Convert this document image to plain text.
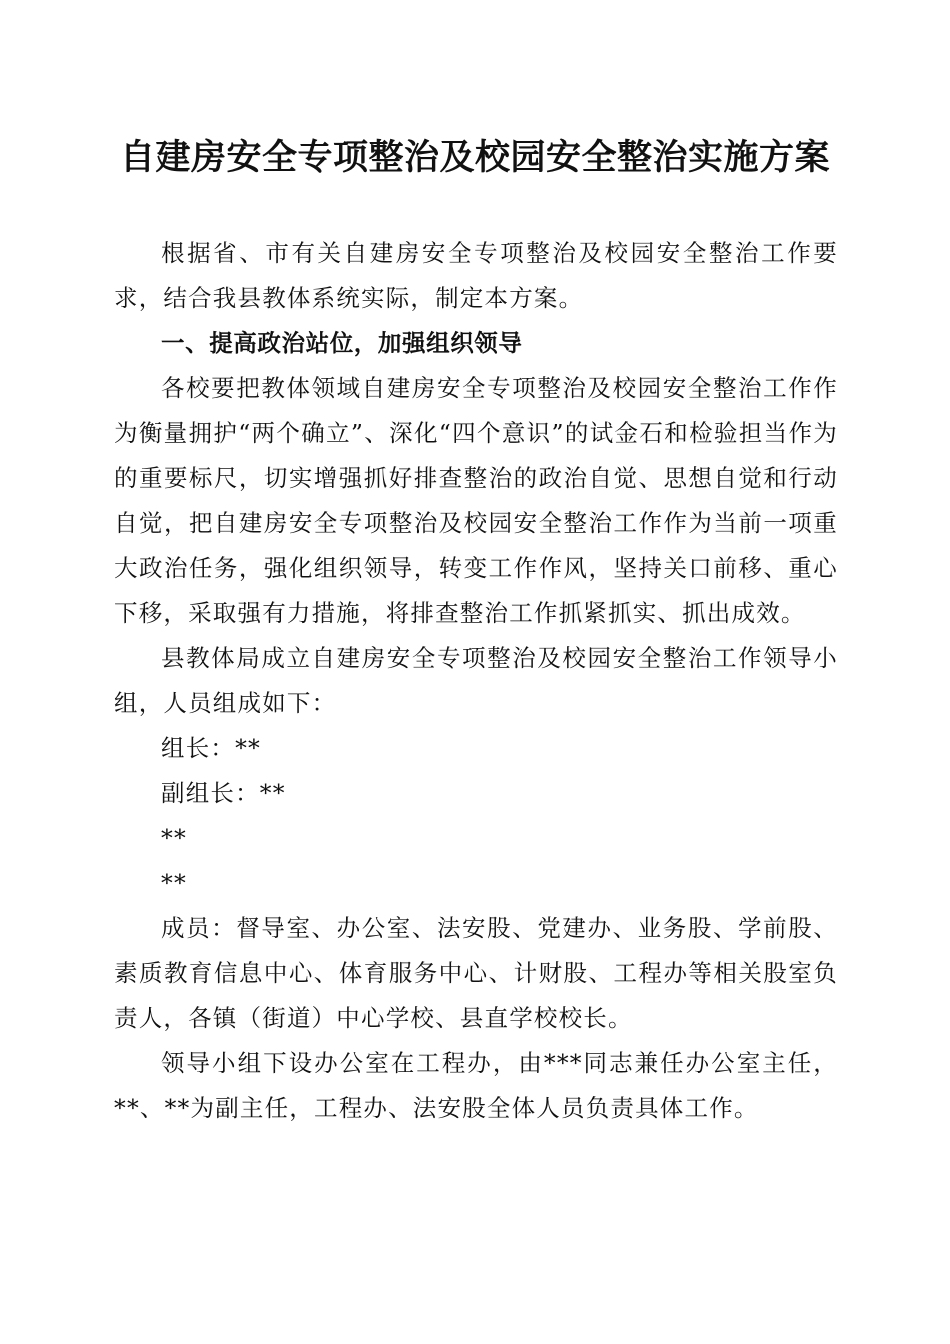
自建房安全专项整治及校园安全整治实施方案

根据省、市有关自建房安全专项整治及校园安全整治工作要求，结合我县教体系统实际，制定本方案。

一、提高政治站位，加强组织领导

各校要把教体领域自建房安全专项整治及校园安全整治工作作为衡量拥护“两个确立”、深化“四个意识”的试金石和检验担当作为的重要标尺，切实增强抓好排查整治的政治自觉、思想自觉和行动自觉，把自建房安全专项整治及校园安全整治工作作为当前一项重大政治任务，强化组织领导，转变工作作风，坚持关口前移、重心下移，采取强有力措施，将排查整治工作抓紧抓实、抓出成效。

县教体局成立自建房安全专项整治及校园安全整治工作领导小组，人员组成如下：

组长：**

副组长：**

**

**

成员：督导室、办公室、法安股、党建办、业务股、学前股、素质教育信息中心、体育服务中心、计财股、工程办等相关股室负责人，各镇（街道）中心学校、县直学校校长。

领导小组下设办公室在工程办，由***同志兼任办公室主任，**、**为副主任，工程办、法安股全体人员负责具体工作。
